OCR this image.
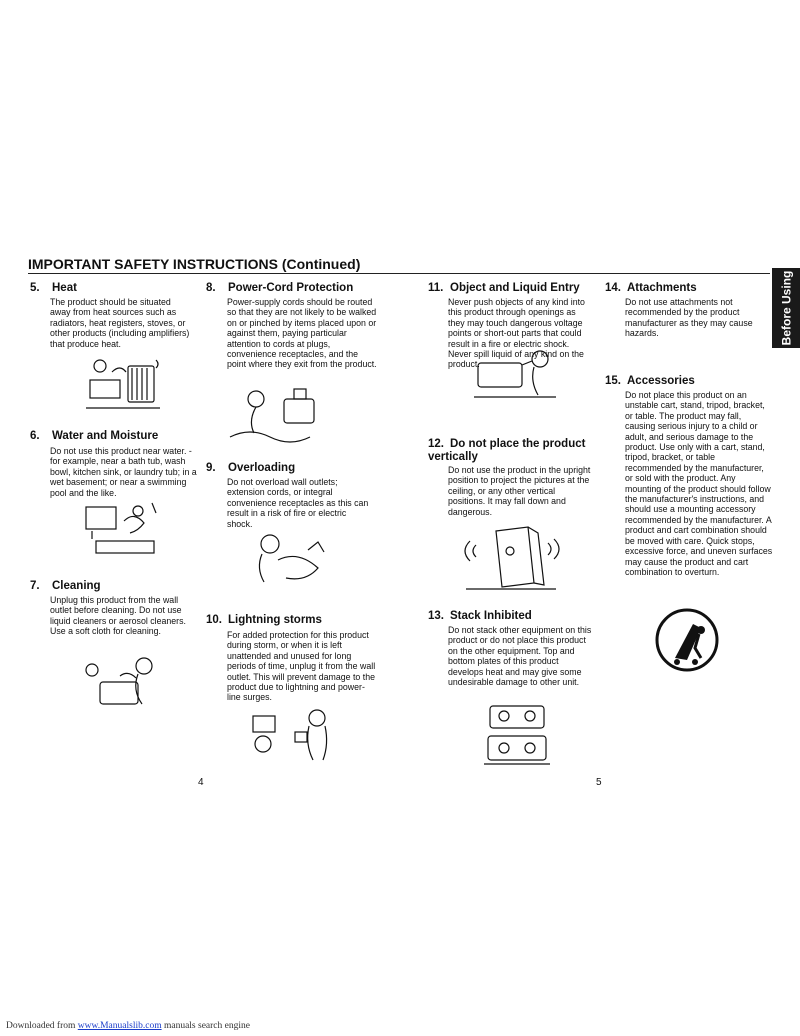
IMPORTANT SAFETY INSTRUCTIONS (Continued)
Before Using
5. Heat
The product should be situated away from heat sources such as radiators, heat registers, stoves, or other products (including amplifiers) that produce heat.
6. Water and Moisture
Do not use this product near water. - for example, near a bath tub, wash bowl, kitchen sink, or laundry tub; in a wet basement; or near a swimming pool and the like.
7. Cleaning
Unplug this product from the wall outlet before cleaning. Do not use liquid cleaners or aerosol cleaners. Use a soft cloth for cleaning.
8. Power-Cord Protection
Power-supply cords should be routed so that they are not likely to be walked on or pinched by items placed upon or against them, paying particular attention to cords at plugs, convenience receptacles, and the point where they exit from the product.
9. Overloading
Do not overload wall outlets; extension cords, or integral convenience receptacles as this can result in a risk of fire or electric shock.
10. Lightning storms
For added protection for this product during storm, or when it is left unattended and unused for long periods of time, unplug it from the wall outlet. This will prevent damage to the product due to lightning and power-line surges.
4
11. Object and Liquid Entry
Never push objects of any kind into this product through openings as they may touch dangerous voltage points or short-out parts that could result in a fire or electric shock. Never spill liquid of any kind on the product.
12. Do not place the product vertically
Do not use the product in the upright position to project the pictures at the ceiling, or any other vertical positions. It may fall down and dangerous.
13. Stack Inhibited
Do not stack other equipment on this product or do not place this product on the other equipment. Top and bottom plates of this product develops heat and may give some undesirable damage to other unit.
5
14. Attachments
Do not use attachments not recommended by the product manufacturer as they may cause hazards.
15. Accessories
Do not place this product on an unstable cart, stand, tripod, bracket, or table. The product may fall, causing serious injury to a child or adult, and serious damage to the product. Use only with a cart, stand, tripod, bracket, or table recommended by the manufacturer, or sold with the product. Any mounting of the product should follow the manufacturer's instructions, and should use a mounting accessory recommended by the manufacturer. A product and cart combination should be moved with care. Quick stops, excessive force, and uneven surfaces may cause the product and cart combination to overturn.
Downloaded from www.Manualslib.com manuals search engine
